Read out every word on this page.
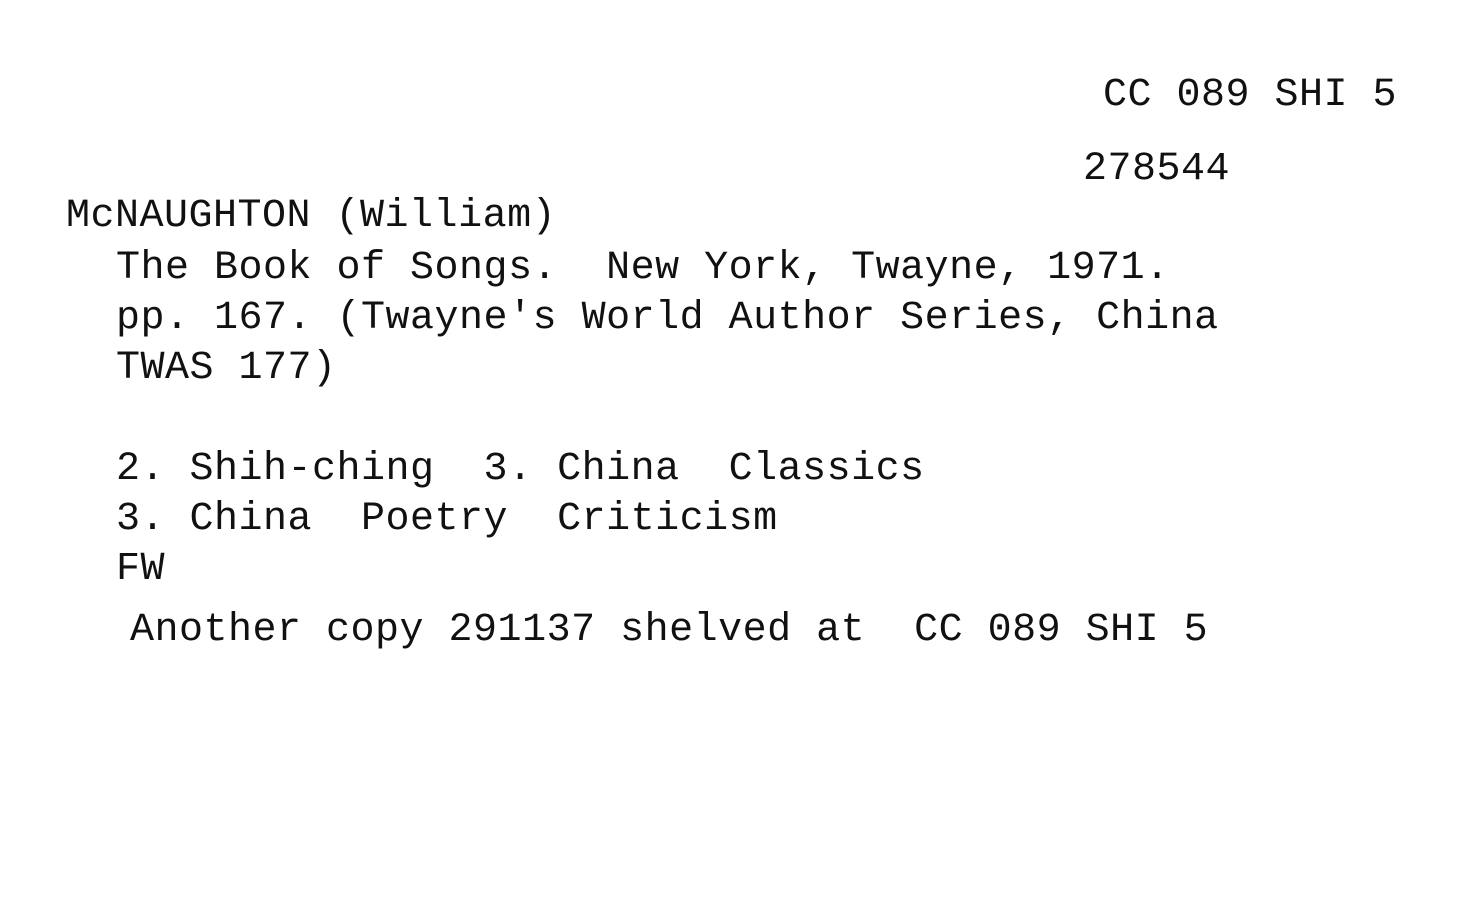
CC 089 SHI 5
278544
McNAUGHTON (William)
The Book of Songs.  New York, Twayne, 1971.
pp. 167. (Twayne's World Author Series, China
TWAS 177)
2. Shih-ching  3. China  Classics
3. China  Poetry  Criticism
FW
Another copy 291137 shelved at  CC 089 SHI 5
